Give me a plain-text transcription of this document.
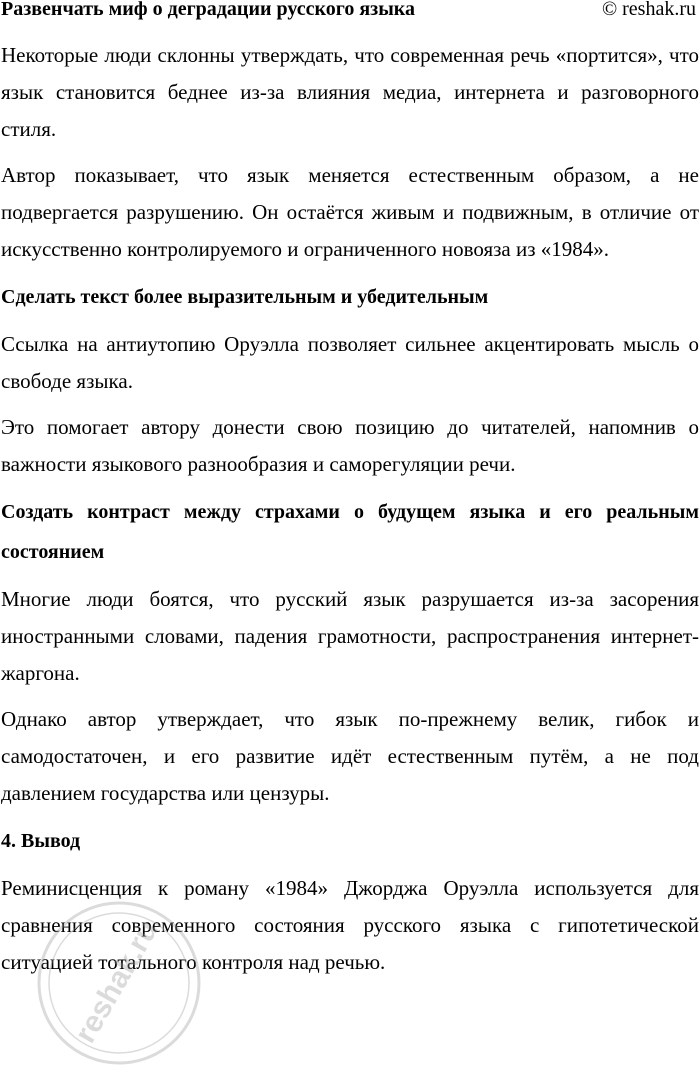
Развенчать миф о деградации русского языка	© reshak.ru

Некоторые люди склонны утверждать, что современная речь «портится», что язык становится беднее из-за влияния медиа, интернета и разговорного стиля.

Автор показывает, что язык меняется естественным образом, а не подвергается разрушению. Он остаётся живым и подвижным, в отличие от искусственно контролируемого и ограниченного новояза из «1984».

Сделать текст более выразительным и убедительным

Ссылка на антиутопию Оруэлла позволяет сильнее акцентировать мысль о свободе языка.

Это помогает автору донести свою позицию до читателей, напомнив о важности языкового разнообразия и саморегуляции речи.

Создать контраст между страхами о будущем языка и его реальным состоянием

Многие люди боятся, что русский язык разрушается из-за засорения иностранными словами, падения грамотности, распространения интернет-жаргона.

Однако автор утверждает, что язык по-прежнему велик, гибок и самодостаточен, и его развитие идёт естественным путём, а не под давлением государства или цензуры.

4. Вывод

Реминисценция к роману «1984» Джорджа Оруэлла используется для сравнения современного состояния русского языка с гипотетической ситуацией тотального контроля над речью.

reshak.ru
